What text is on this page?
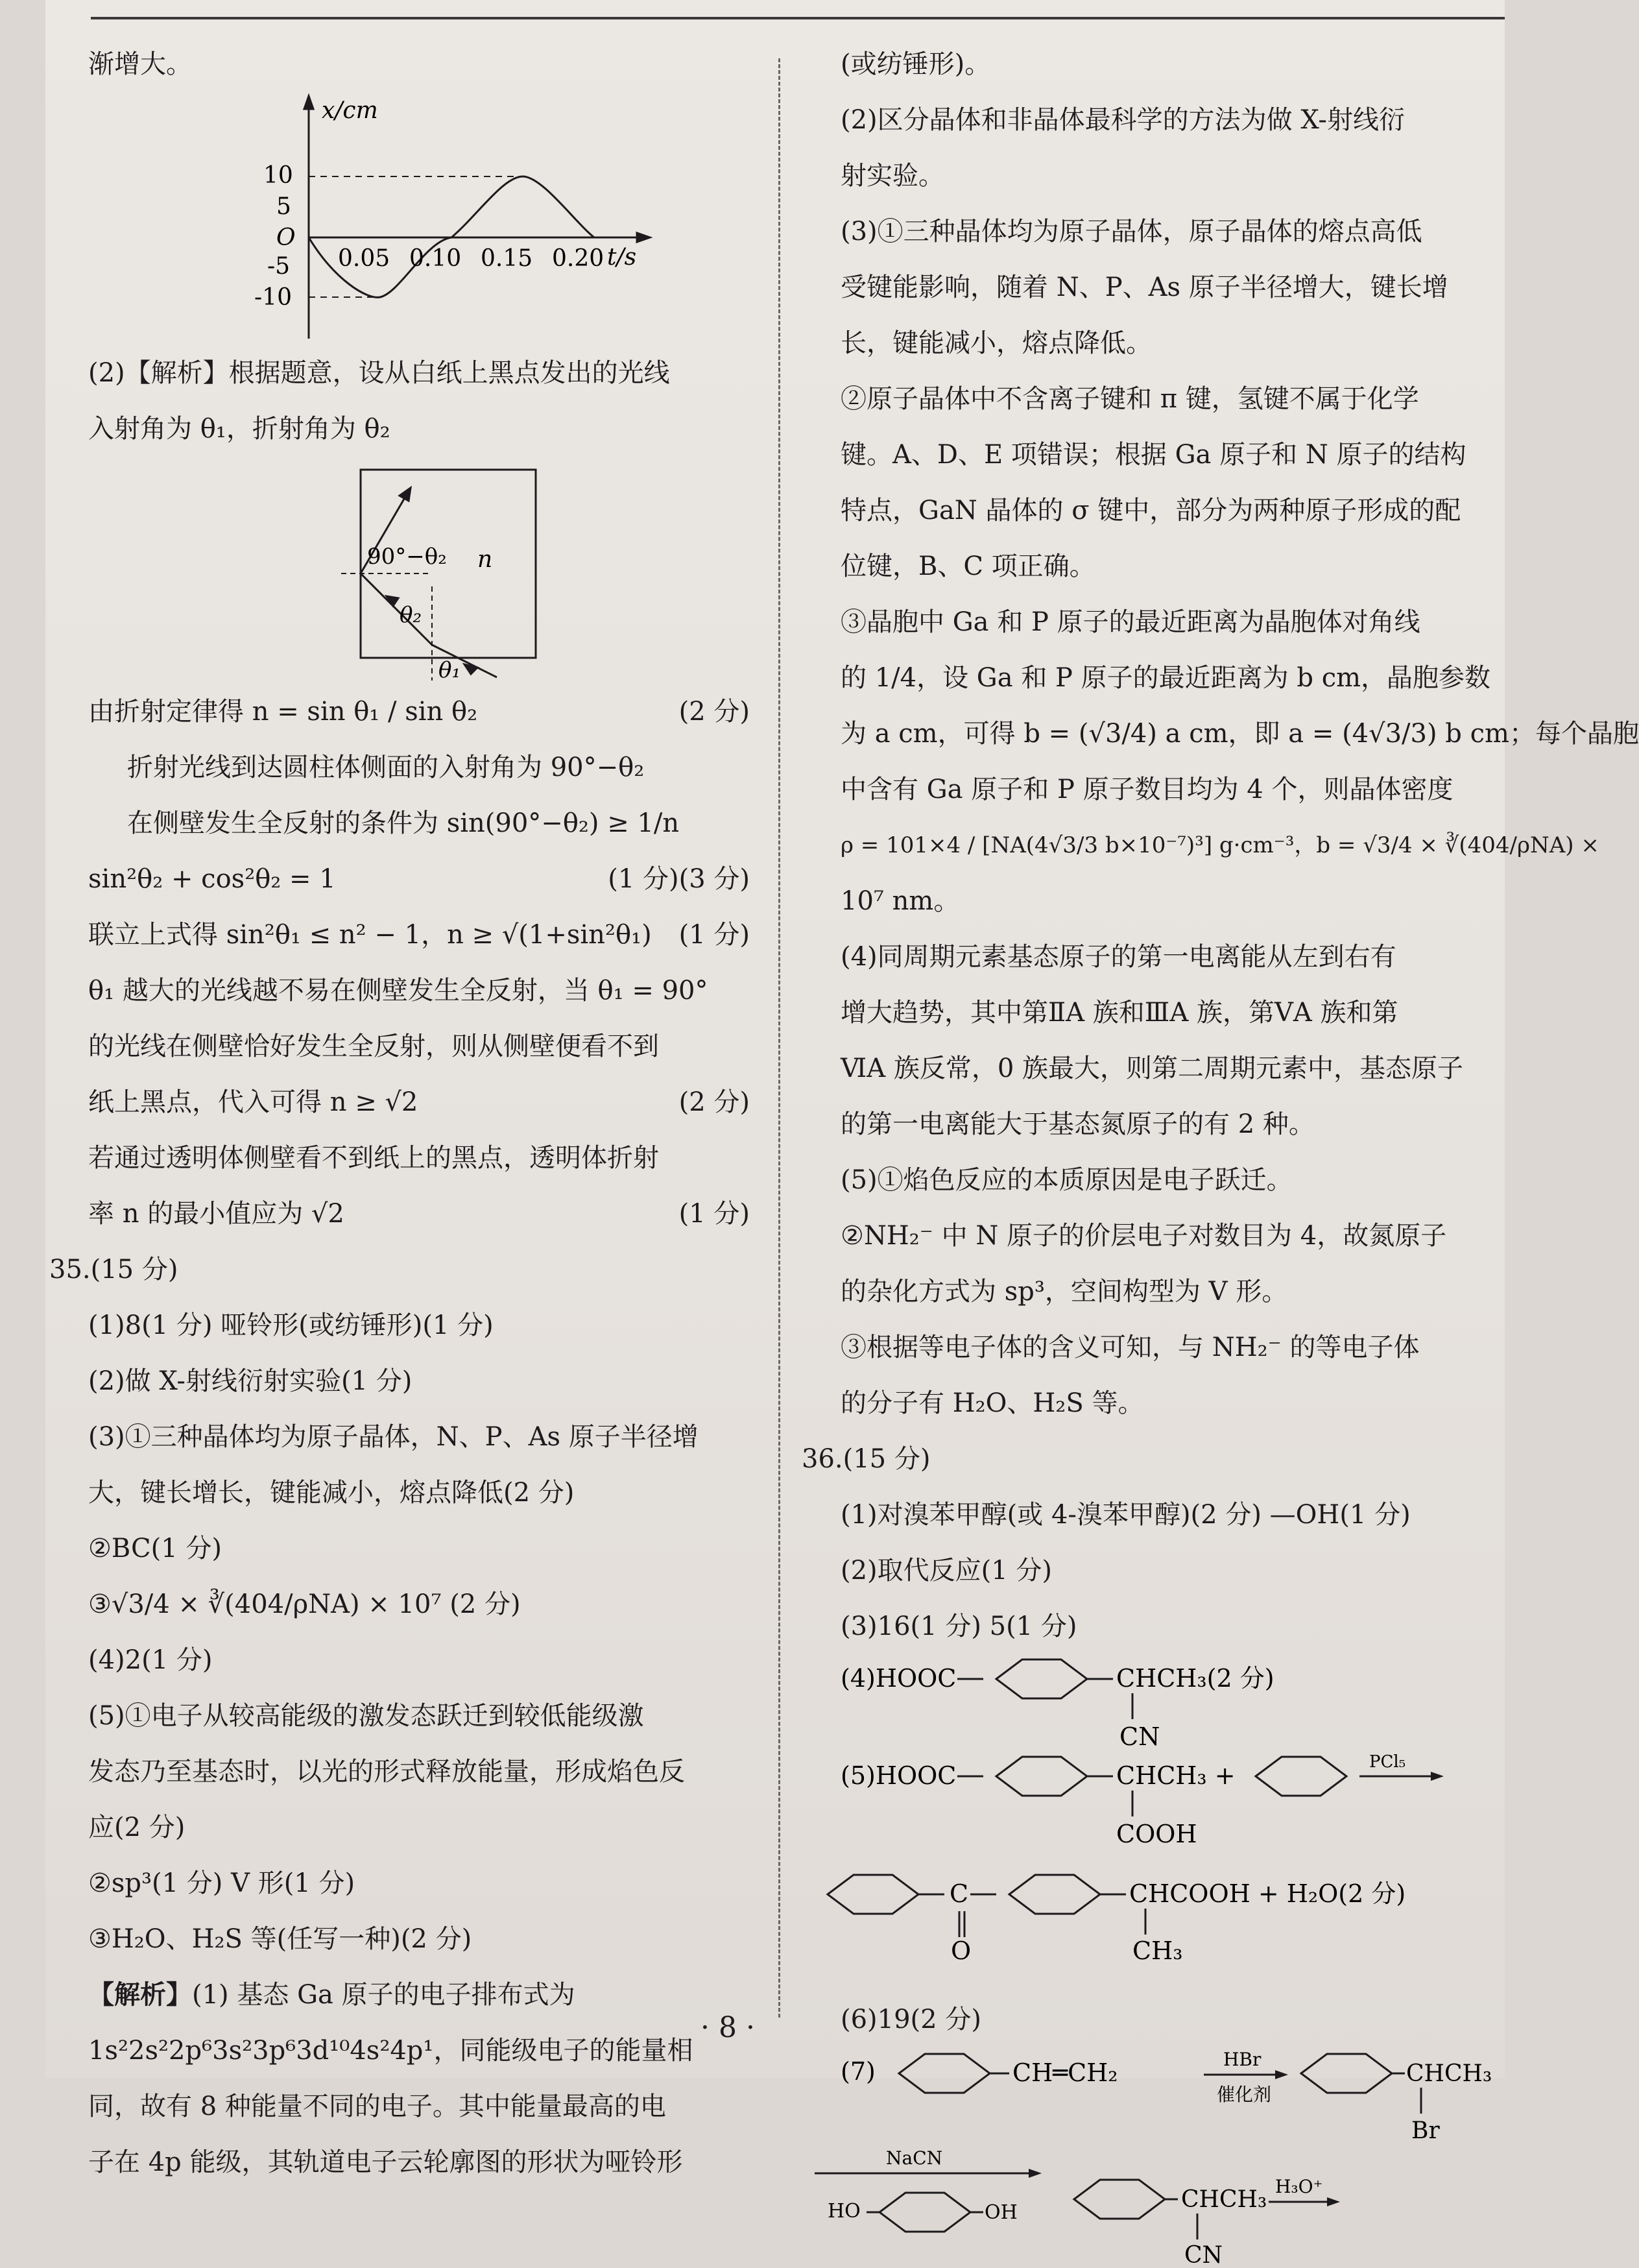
渐增大。

x/cm
t/s
10
5
O
-5
-10
0.05 0.10 0.15 0.20

(2)【解析】根据题意，设从白纸上黑点发出的光线

入射角为 θ₁，折射角为 θ₂

90°−θ₂ n
θ₂
θ₁

由折射定律得 n = sin θ₁ / sin θ₂	(2 分)

折射光线到达圆柱体侧面的入射角为 90°−θ₂

在侧壁发生全反射的条件为 sin(90°−θ₂) ≥ 1/n

(3 分)

sin²θ₂ + cos²θ₂ = 1	(1 分)

联立上式得 sin²θ₁ ≤ n² − 1，n ≥ √(1+sin²θ₁) (1 分)

θ₁ 越大的光线越不易在侧壁发生全反射，当 θ₁ = 90°

的光线在侧壁恰好发生全反射，则从侧壁便看不到

纸上黑点，代入可得 n ≥ √2	(2 分)

若通过透明体侧壁看不到纸上的黑点，透明体折射

率 n 的最小值应为 √2	(1 分)

35.(15 分)

(1)8(1 分) 哑铃形(或纺锤形)(1 分)

(2)做 X-射线衍射实验(1 分)

(3)①三种晶体均为原子晶体，N、P、As 原子半径增

大，键长增长，键能减小，熔点降低(2 分)

②BC(1 分)

③√3/4 × ∛(404/ρNA) × 10⁷ (2 分)

(4)2(1 分)

(5)①电子从较高能级的激发态跃迁到较低能级激

发态乃至基态时，以光的形式释放能量，形成焰色反

应(2 分)

②sp³(1 分) V 形(1 分)

③H₂O、H₂S 等(任写一种)(2 分)

【解析】(1) 基态 Ga 原子的电子排布式为

1s²2s²2p⁶3s²3p⁶3d¹⁰4s²4p¹，同能级电子的能量相

同，故有 8 种能量不同的电子。其中能量最高的电

子在 4p 能级，其轨道电子云轮廓图的形状为哑铃形

(或纺锤形)。

(2)区分晶体和非晶体最科学的方法为做 X-射线衍

射实验。

(3)①三种晶体均为原子晶体，原子晶体的熔点高低

受键能影响，随着 N、P、As 原子半径增大，键长增

长，键能减小，熔点降低。

②原子晶体中不含离子键和 π 键，氢键不属于化学

键。A、D、E 项错误；根据 Ga 原子和 N 原子的结构

特点，GaN 晶体的 σ 键中，部分为两种原子形成的配

位键，B、C 项正确。

③晶胞中 Ga 和 P 原子的最近距离为晶胞体对角线

的 1/4，设 Ga 和 P 原子的最近距离为 b cm，晶胞参数

为 a cm，可得 b = (√3/4) a cm，即 a = (4√3/3) b cm；每个晶胞

中含有 Ga 原子和 P 原子数目均为 4 个，则晶体密度

ρ = 101×4 / [NA(4√3/3 b×10⁻⁷)³] g·cm⁻³，b = √3/4 × ∛(404/ρNA) ×

10⁷ nm。

(4)同周期元素基态原子的第一电离能从左到右有

增大趋势，其中第ⅡA 族和ⅢA 族，第ⅤA 族和第

ⅥA 族反常，0 族最大，则第二周期元素中，基态原子

的第一电离能大于基态氮原子的有 2 种。

(5)①焰色反应的本质原因是电子跃迁。

②NH₂⁻ 中 N 原子的价层电子对数目为 4，故氮原子

的杂化方式为 sp³，空间构型为 V 形。

③根据等电子体的含义可知，与 NH₂⁻ 的等电子体

的分子有 H₂O、H₂S 等。

36.(15 分)

(1)对溴苯甲醇(或 4-溴苯甲醇)(2 分) —OH(1 分)

(2)取代反应(1 分)

(3)16(1 分) 5(1 分)

(4)HOOC	CHCH₃(2 分)
CN
(5)HOOC	CHCH₃ +	PCl₅
COOH
C
O
CHCOOH + H₂O(2 分)
CH₃

(6)19(2 分)

(7)	CH═CH₂	HBr
催化剂
CHCH₃
Br
NaCN
HO	OH	CHCH₃ H₃O⁺
CN
· 8 ·
